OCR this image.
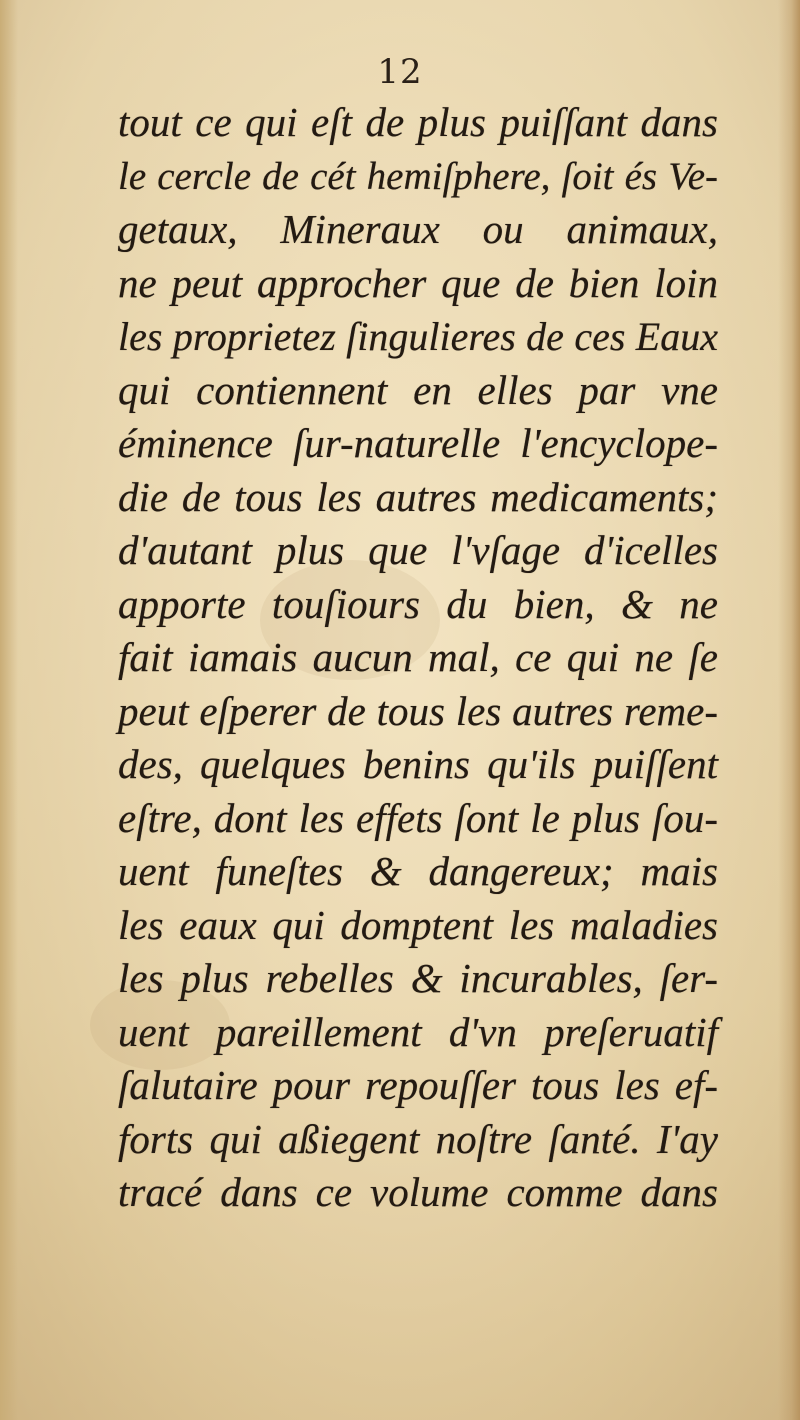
12
tout ce qui eſt de plus puiſſant dans
le cercle de cét hemiſphere, ſoit és Ve-
getaux, Mineraux ou animaux,
ne peut approcher que de bien loin
les proprietez ſingulieres de ces Eaux
qui contiennent en elles par vne
éminence ſur-naturelle l'encyclope-
die de tous les autres medicaments;
d'autant plus que l'vſage d'icelles
apporte touſiours du bien, & ne
fait iamais aucun mal, ce qui ne ſe
peut eſperer de tous les autres reme-
des, quelques benins qu'ils puiſſent
eſtre, dont les effets ſont le plus ſou-
uent funeſtes & dangereux; mais
les eaux qui domptent les maladies
les plus rebelles & incurables, ſer-
uent pareillement d'vn preſeruatif
ſalutaire pour repouſſer tous les ef-
forts qui aßiegent noſtre ſanté. I'ay
tracé dans ce volume comme dans
